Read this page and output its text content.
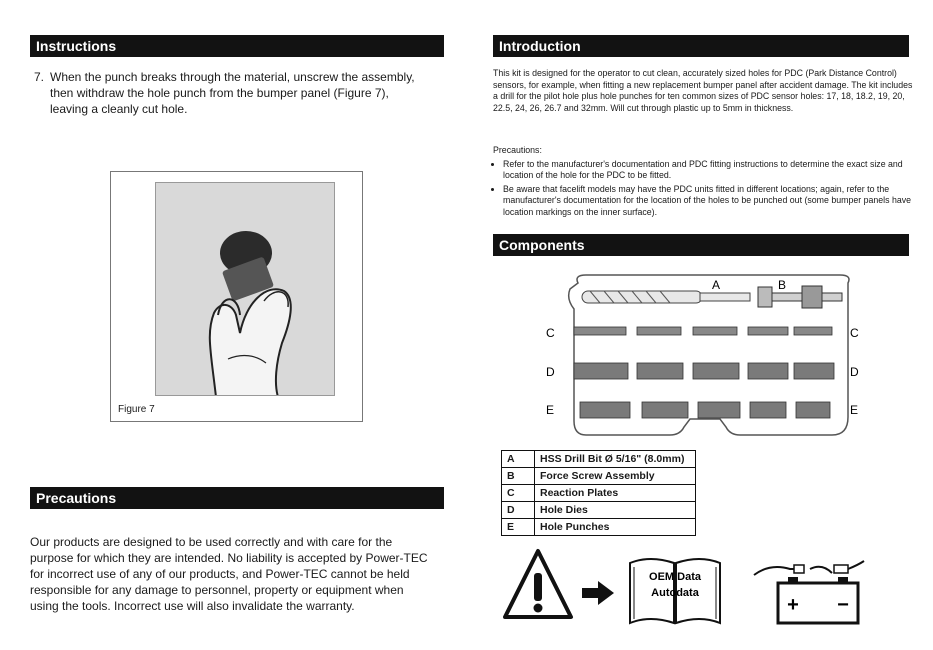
Instructions
7. When the punch breaks through the material, unscrew the assembly, then withdraw the hole punch from the bumper panel (Figure 7), leaving a cleanly cut hole.
Figure 7
Precautions
Our products are designed to be used correctly and with care for the purpose for which they are intended. No liability is accepted by Power-TEC for incorrect use of any of our products, and Power-TEC cannot be held responsible for any damage to personnel, property or equipment when using the tools. Incorrect use will also invalidate the warranty.
Introduction
This kit is designed for the operator to cut clean, accurately sized holes for PDC (Park Distance Control) sensors, for example, when fitting a new replacement bumper panel after accident damage. The kit includes a drill for the pilot hole plus hole punches for ten common sizes of PDC sensor holes: 17, 18, 18.2, 19, 20, 22.5, 24, 26, 26.7 and 32mm. Will cut through plastic up to 5mm in thickness.
Precautions:
• Refer to the manufacturer's documentation and PDC fitting instructions to determine the exact size and location of the hole for the PDC to be fitted.
• Be aware that facelift models may have the PDC units fitted in different locations; again, refer to the manufacturer's documentation for the location of the holes to be punched out (some bumper panels have location markings on the inner surface).
Components
A	B
C	C
D	D
E	E
A	HSS Drill Bit Ø 5/16" (8.0mm)
B	Force Screw Assembly
C	Reaction Plates
D	Hole Dies
E	Hole Punches
OEM Data
Autodata
+ −
